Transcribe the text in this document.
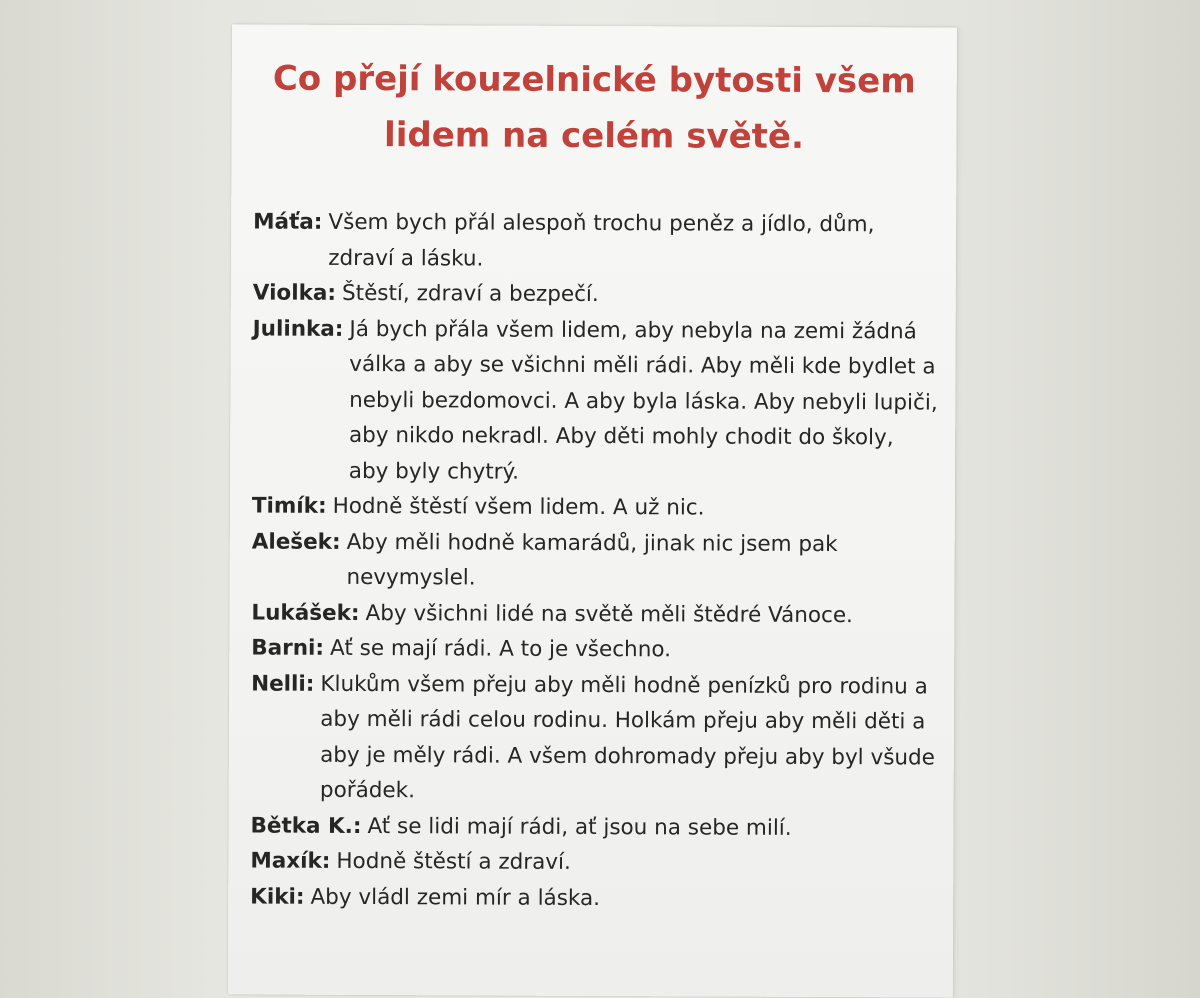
Co přejí kouzelnické bytosti všem
lidem na celém světě.
Máťa: Všem bych přál alespoň trochu peněz a jídlo, dům,
zdraví a lásku.
Violka: Štěstí, zdraví a bezpečí.
Julinka: Já bych přála všem lidem, aby nebyla na zemi žádná
válka a aby se všichni měli rádi. Aby měli kde bydlet a
nebyli bezdomovci. A aby byla láska. Aby nebyli lupiči,
aby nikdo nekradl. Aby děti mohly chodit do školy,
aby byly chytrý.
Timík: Hodně štěstí všem lidem. A už nic.
Alešek: Aby měli hodně kamarádů, jinak nic jsem pak
nevymyslel.
Lukášek: Aby všichni lidé na světě měli štědré Vánoce.
Barni: Ať se mají rádi. A to je všechno.
Nelli: Klukům všem přeju aby měli hodně penízků pro rodinu a
aby měli rádi celou rodinu. Holkám přeju aby měli děti a
aby je měly rádi. A všem dohromady přeju aby byl všude
pořádek.
Bětka K.: Ať se lidi mají rádi, ať jsou na sebe milí.
Maxík: Hodně štěstí a zdraví.
Kiki: Aby vládl zemi mír a láska.
